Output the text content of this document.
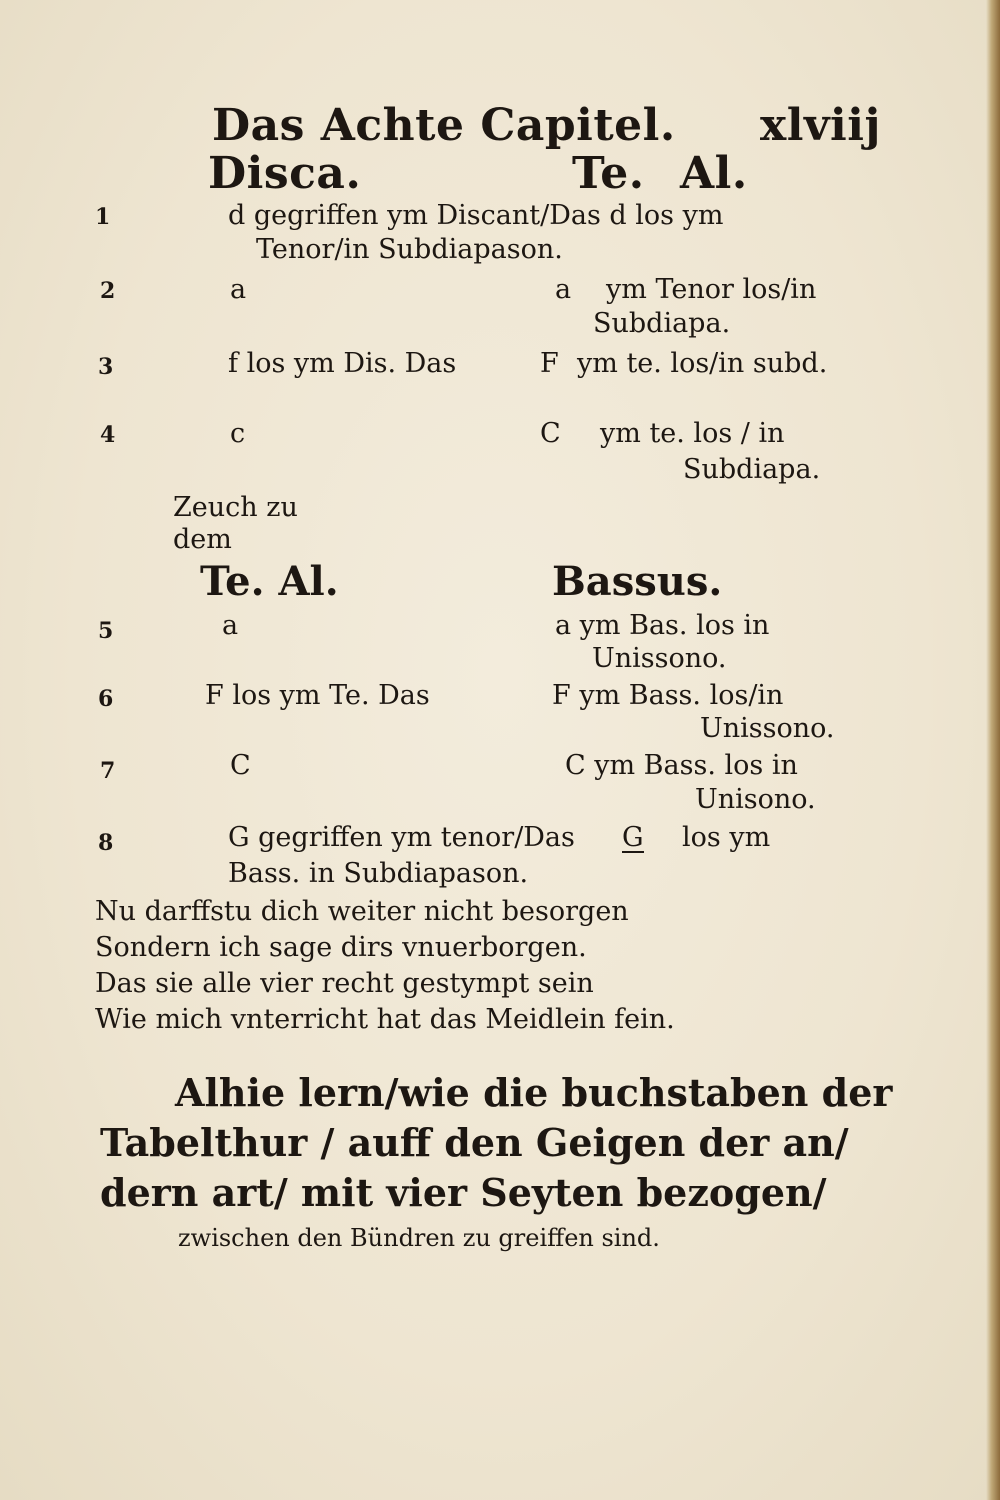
Das Achte Capitel. xlviij
Disca.	Te. Al.
1	d gegriffen ym Discant/Das d los ym
Tenor/in Subdiapason.
2	a	a ym Tenor los/in
Subdiapa.
3	f los ym Dis. Das	F ym te. los/in subd.
4	c	C ym te. los / in
Subdiapa.
Zeuch zu
dem
Te. Al.	Bassus.
5	a	a ym Bas. los in
Unissono.
6	F los ym Te. Das	F ym Bass. los/in
Unissono.
7	C	C ym Bass. los in
Unisono.
8	G gegriffen ym tenor/Das G los ym
Bass. in Subdiapason.
Nu darffstu dich weiter nicht besorgen
Sondern ich sage dirs vnuerborgen.
Das sie alle vier recht gestympt sein
Wie mich vnterricht hat das Meidlein fein.
Alhie lern/wie die buchstaben der
Tabelthur / auff den Geigen der an/
dern art/ mit vier Seyten bezogen/
zwischen den Bündren zu greiffen sind.
